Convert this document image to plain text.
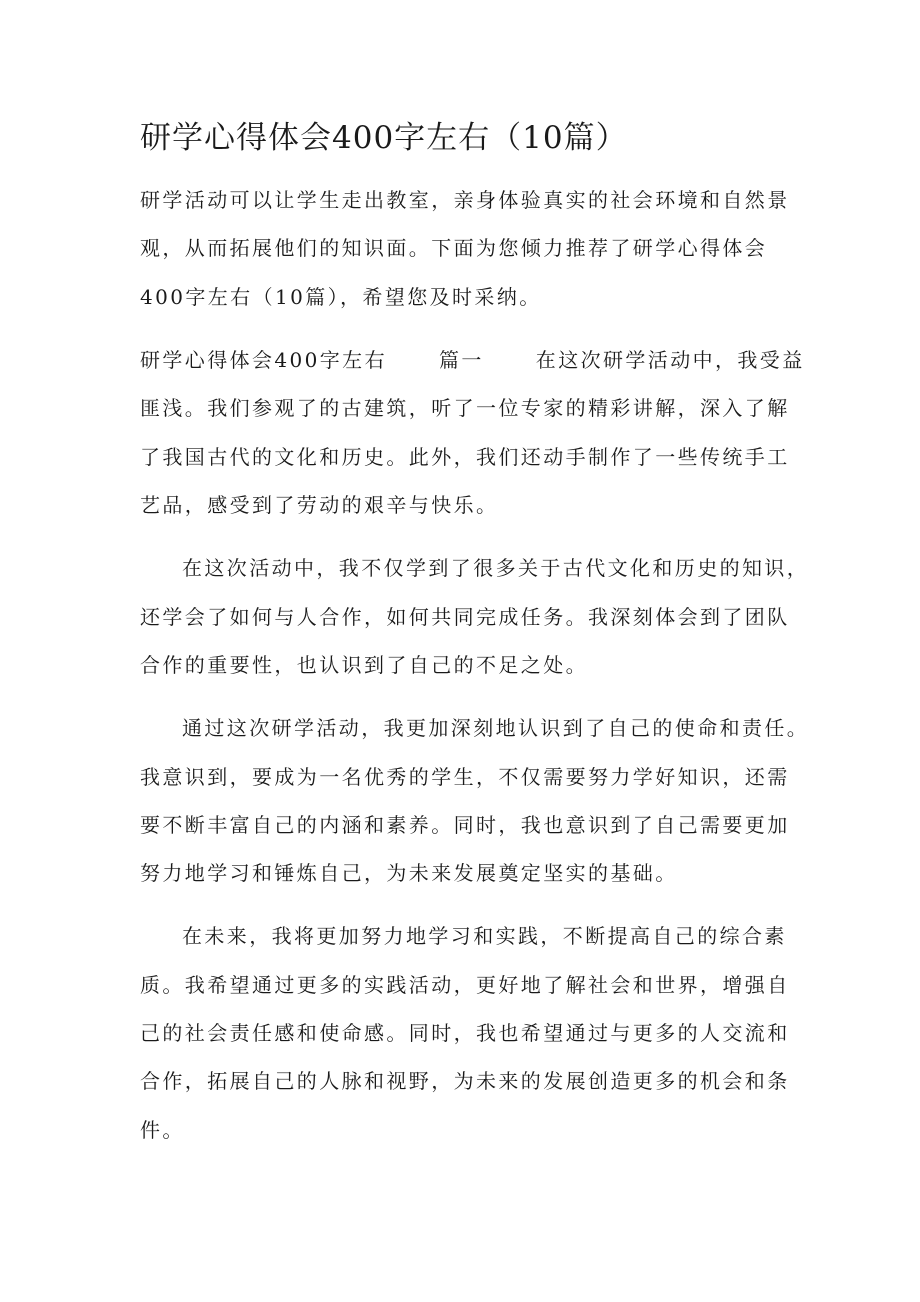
研学心得体会400字左右（10篇）
研学活动可以让学生走出教室，亲身体验真实的社会环境和自然景
观，从而拓展他们的知识面。下面为您倾力推荐了研学心得体会
400字左右（10篇），希望您及时采纳。
研学心得体会400字左右	篇一	在这次研学活动中，我受益
匪浅。我们参观了的古建筑，听了一位专家的精彩讲解，深入了解
了我国古代的文化和历史。此外，我们还动手制作了一些传统手工
艺品，感受到了劳动的艰辛与快乐。
在这次活动中，我不仅学到了很多关于古代文化和历史的知识，
还学会了如何与人合作，如何共同完成任务。我深刻体会到了团队
合作的重要性，也认识到了自己的不足之处。
通过这次研学活动，我更加深刻地认识到了自己的使命和责任。
我意识到，要成为一名优秀的学生，不仅需要努力学好知识，还需
要不断丰富自己的内涵和素养。同时，我也意识到了自己需要更加
努力地学习和锤炼自己，为未来发展奠定坚实的基础。
在未来，我将更加努力地学习和实践，不断提高自己的综合素
质。我希望通过更多的实践活动，更好地了解社会和世界，增强自
己的社会责任感和使命感。同时，我也希望通过与更多的人交流和
合作，拓展自己的人脉和视野，为未来的发展创造更多的机会和条
件。
